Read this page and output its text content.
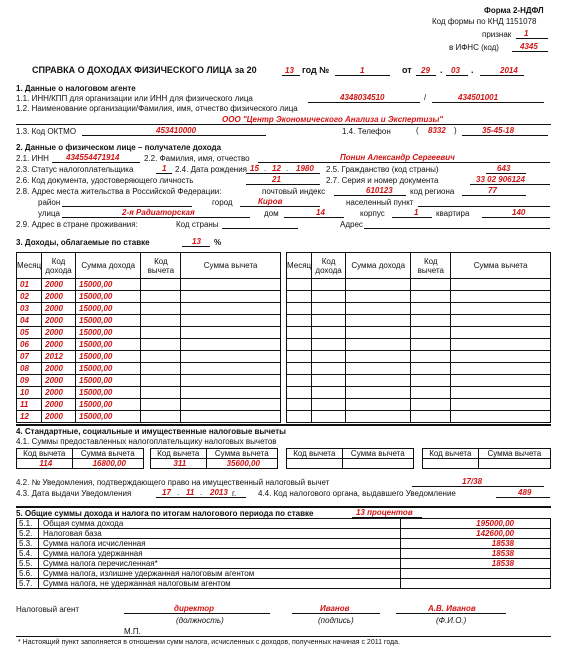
Форма 2-НДФЛ
Код формы по КНД 1151078
признак 1
в ИФНС (код)	4345
СПРАВКА О ДОХОДАХ ФИЗИЧЕСКОГО ЛИЦА за 20	13 год №	1	от 29 . 03 .	2014
1. Данные о налоговом агенте
1.1. ИНН/КПП для организации или ИНН для физического лица	4348034510	/	434501001
1.2. Наименование организации/Фамилия, имя, отчество физического лица
ООО "Центр Экономического Анализа и Экспертизы"
1.3. Код ОКТМО	453410000	1.4. Телефон	( 8332 )	35-45-18
2. Данные о физическом лице – получателе дохода
2.1. ИНН 434554471914	2.2. Фамилия, имя, отчество	Понин Александр Сергеевич
2.3. Статус налогоплательщика	1 2.4. Дата рождения 15 . 12 . 1980 2.5. Гражданство (код страны)	643
2.6. Код документа, удостоверяющего личность	21	2.7. Серия и номер документа	33 02 906124
2.8. Адрес места жительства в Российской Федерации:	почтовый индекс	610123 код региона	77
район	город	Киров	населенный пункт
улица	2-я Радиаторская	дом	14	корпус	1 квартира	140
2.9. Адрес в стране проживания:	Код страны	Адрес
3. Доходы, облагаемые по ставке	13 %
Месяц	Код дохода	Сумма дохода	Код вычета	Сумма вычета
01	2000	15000,00		
02	2000	15000,00		
03	2000	15000,00		
04	2000	15000,00		
05	2000	15000,00		
06	2000	15000,00		
07	2012	15000,00		
08	2000	15000,00		
09	2000	15000,00		
10	2000	15000,00		
11	2000	15000,00		
12	2000	15000,00		
Месяц	Код дохода	Сумма дохода	Код вычета	Сумма вычета

4. Стандартные, социальные и имущественные налоговые вычеты
4.1. Суммы предоставленных налогоплательщику налоговых вычетов
Код вычета	Сумма вычета
114	16800,00
Код вычета	Сумма вычета
311	35600,00
Код вычета	Сумма вычета
		Код вычета	Сумма вычета

4.2. № Уведомления, подтверждающего право на имущественный налоговый вычет	17/38
4.3. Дата выдачи Уведомления	17 . 11 . 2013 г.	4.4. Код налогового органа, выдавшего Уведомление	489
5. Общие суммы дохода и налога по итогам налогового периода по ставке	13 процентов
5.1.	Общая сумма дохода	195000,00
5.2.	Налоговая база	142600,00
5.3.	Сумма налога исчисленная	18538
5.4.	Сумма налога удержанная	18538
5.5.	Сумма налога перечисленная*	18538
5.6.	Сумма налога, излишне удержанная налоговым агентом	
5.7.	Сумма налога, не удержанная налоговым агентом	
Налоговый агент	директор
(должность)
Иванов
(подпись)
А.В. Иванов
(Ф.И.О.)
М.П.
* Настоящий пункт заполняется в отношении сумм налога, исчисленных с доходов, полученных начиная с 2011 года.
